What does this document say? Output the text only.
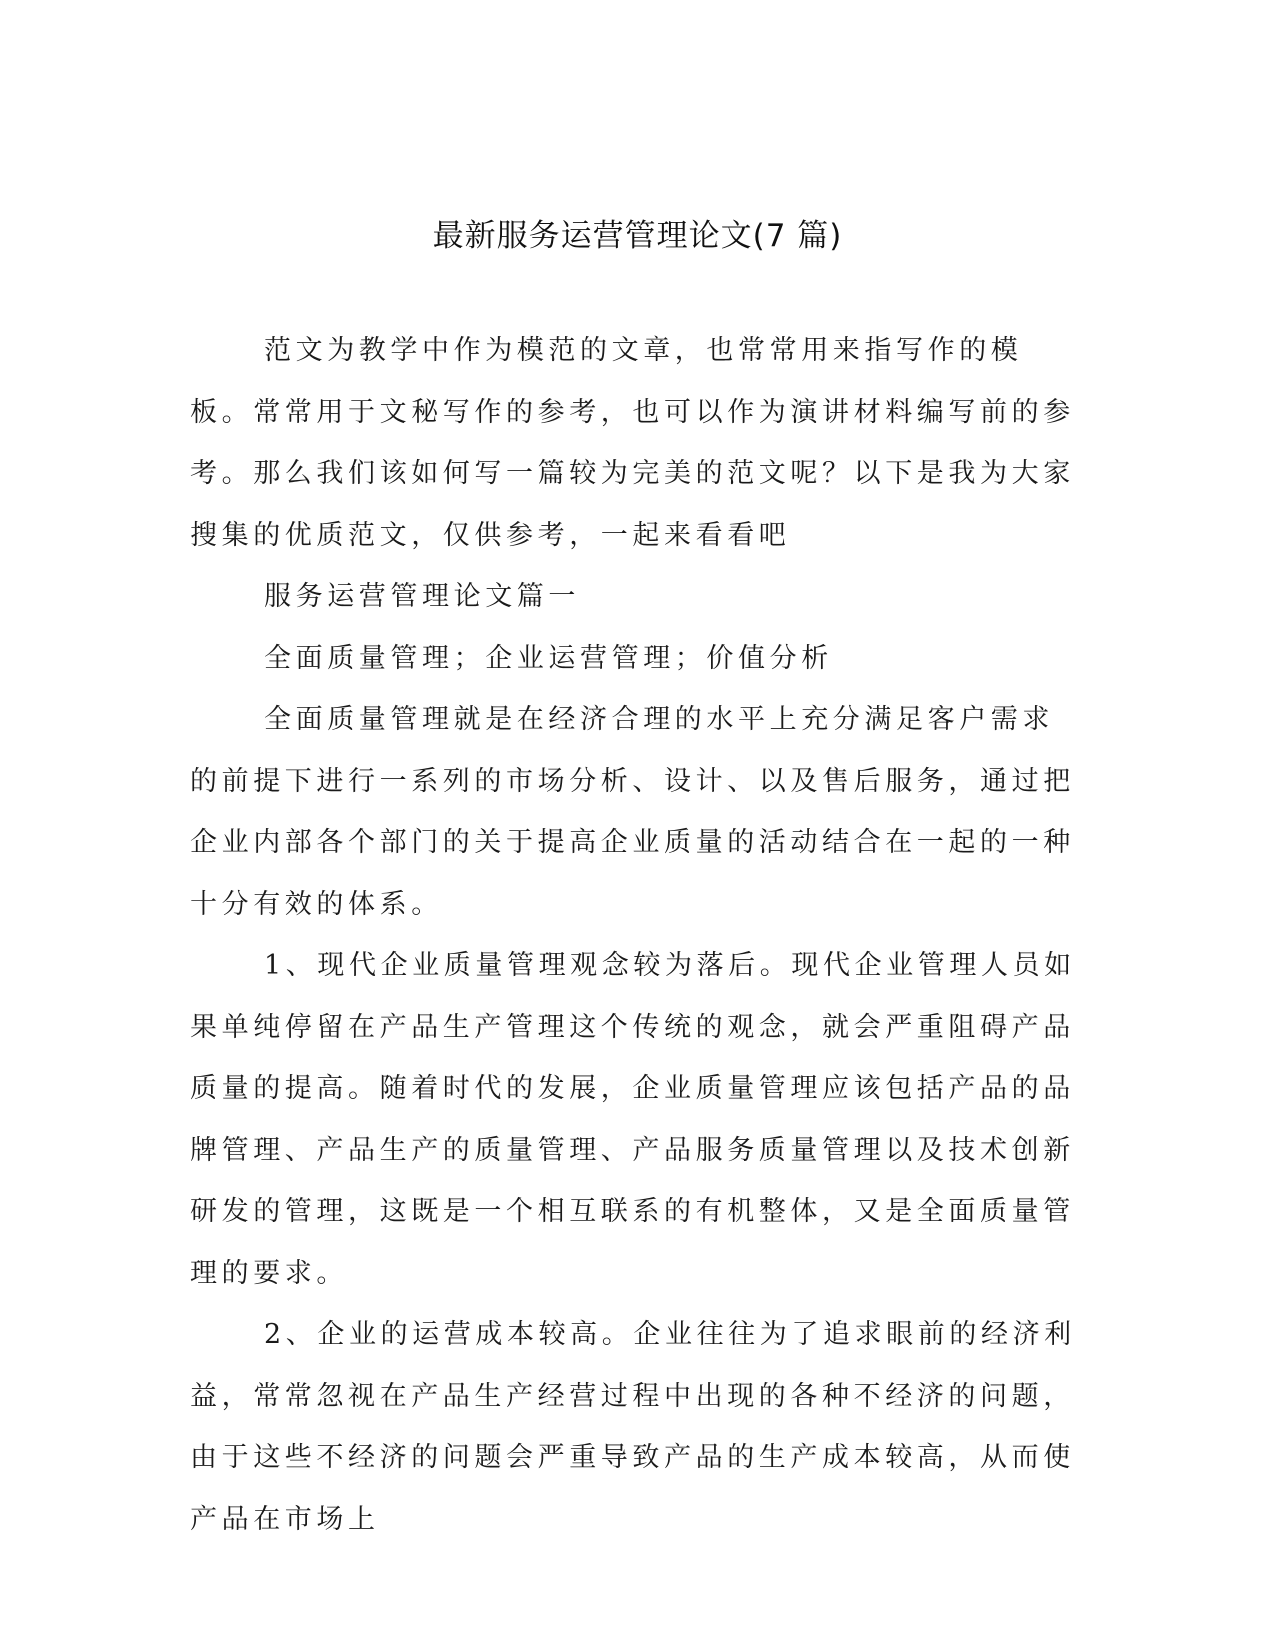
最新服务运营管理论文(7 篇)

范文为教学中作为模范的文章，也常常用来指写作的模板。常常用于文秘写作的参考，也可以作为演讲材料编写前的参考。那么我们该如何写一篇较为完美的范文呢？以下是我为大家搜集的优质范文，仅供参考，一起来看看吧

服务运营管理论文篇一

全面质量管理；企业运营管理；价值分析

全面质量管理就是在经济合理的水平上充分满足客户需求的前提下进行一系列的市场分析、设计、以及售后服务，通过把企业内部各个部门的关于提高企业质量的活动结合在一起的一种十分有效的体系。

1、现代企业质量管理观念较为落后。现代企业管理人员如果单纯停留在产品生产管理这个传统的观念，就会严重阻碍产品质量的提高。随着时代的发展，企业质量管理应该包括产品的品牌管理、产品生产的质量管理、产品服务质量管理以及技术创新研发的管理，这既是一个相互联系的有机整体，又是全面质量管理的要求。

2、企业的运营成本较高。企业往往为了追求眼前的经济利益，常常忽视在产品生产经营过程中出现的各种不经济的问题，由于这些不经济的问题会严重导致产品的生产成本较高，从而使产品在市场上
